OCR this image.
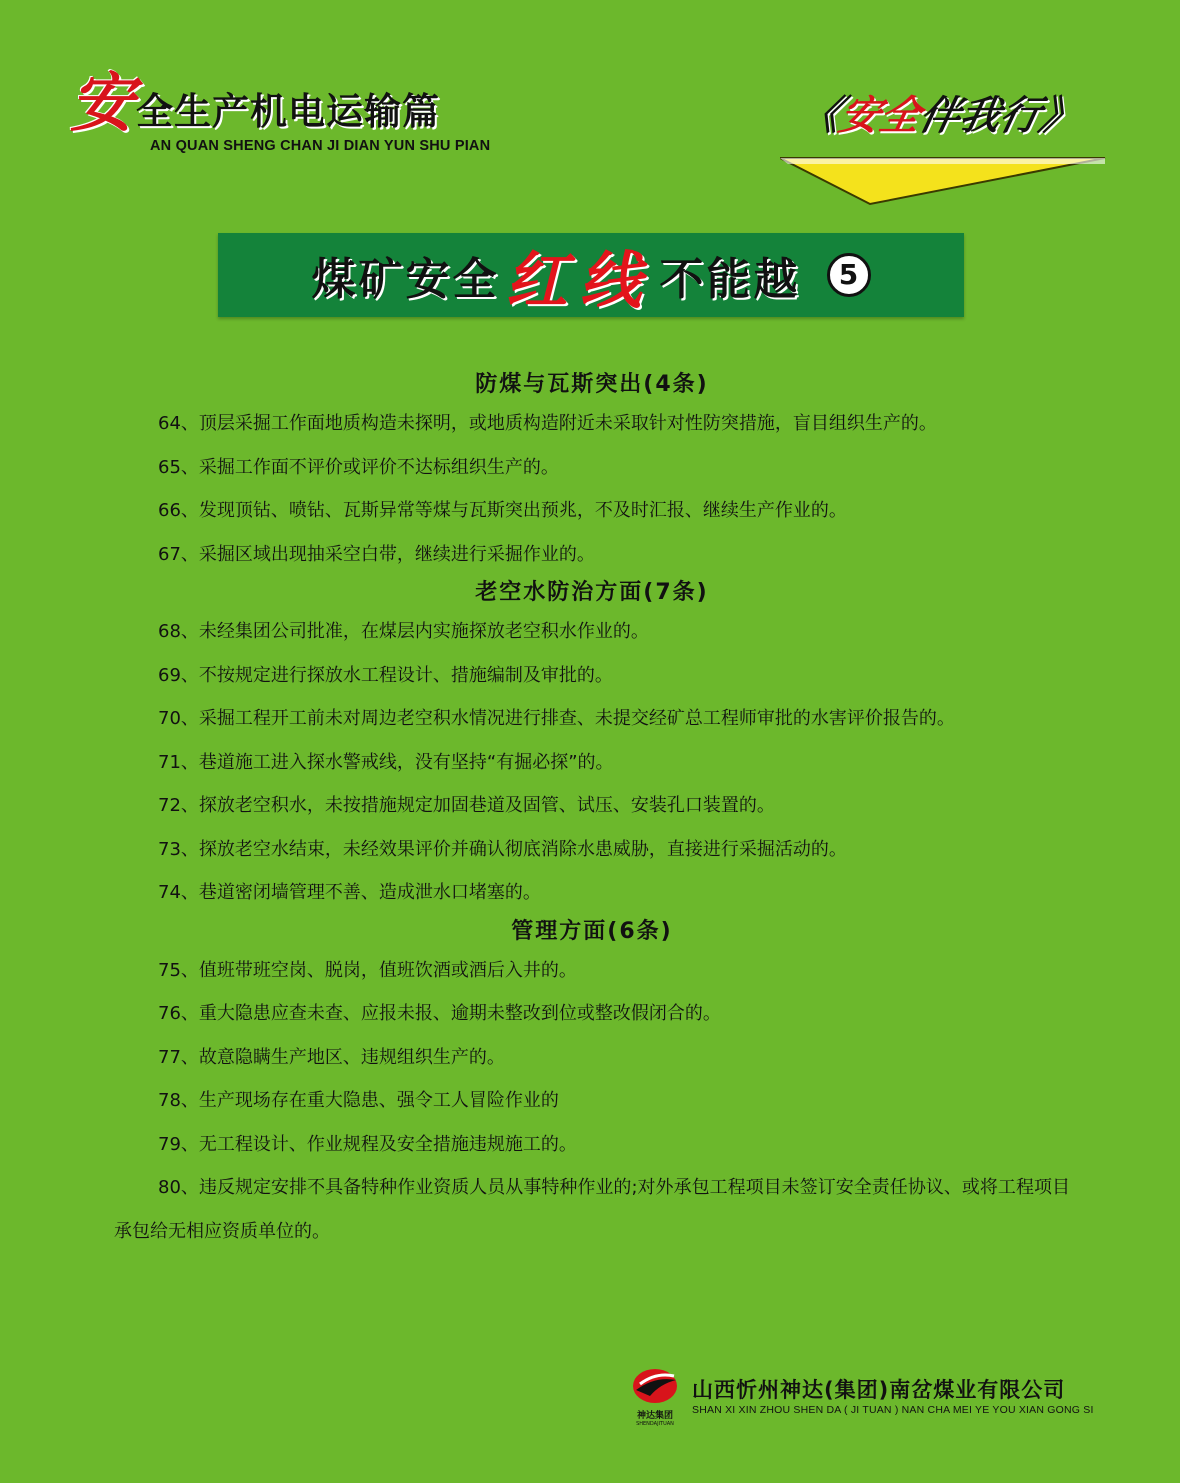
安 全生产机电运输篇
AN QUAN SHENG CHAN JI DIAN YUN SHU PIAN
《安全伴我行》
煤矿安全 红线 不能越	5

防煤与瓦斯突出(4条)

64、顶层采掘工作面地质构造未探明，或地质构造附近未采取针对性防突措施，盲目组织生产的。

65、采掘工作面不评价或评价不达标组织生产的。

66、发现顶钻、喷钻、瓦斯异常等煤与瓦斯突出预兆，不及时汇报、继续生产作业的。

67、采掘区域出现抽采空白带，继续进行采掘作业的。

老空水防治方面(7条)

68、未经集团公司批准，在煤层内实施探放老空积水作业的。

69、不按规定进行探放水工程设计、措施编制及审批的。

70、采掘工程开工前未对周边老空积水情况进行排查、未提交经矿总工程师审批的水害评价报告的。

71、巷道施工进入探水警戒线，没有坚持“有掘必探”的。

72、探放老空积水，未按措施规定加固巷道及固管、试压、安装孔口装置的。

73、探放老空水结束，未经效果评价并确认彻底消除水患威胁，直接进行采掘活动的。

74、巷道密闭墙管理不善、造成泄水口堵塞的。

管理方面(6条)

75、值班带班空岗、脱岗，值班饮酒或酒后入井的。

76、重大隐患应查未查、应报未报、逾期未整改到位或整改假闭合的。

77、故意隐瞒生产地区、违规组织生产的。

78、生产现场存在重大隐患、强令工人冒险作业的

79、无工程设计、作业规程及安全措施违规施工的。

80、违反规定安排不具备特种作业资质人员从事特种作业的;对外承包工程项目未签订安全责任协议、或将工程项目承包给无相应资质单位的。

神达集团
SHENDAJITUAN
山西忻州神达(集团)南岔煤业有限公司
SHAN XI XIN ZHOU SHEN DA ( JI TUAN ) NAN CHA MEI YE YOU XIAN GONG SI
